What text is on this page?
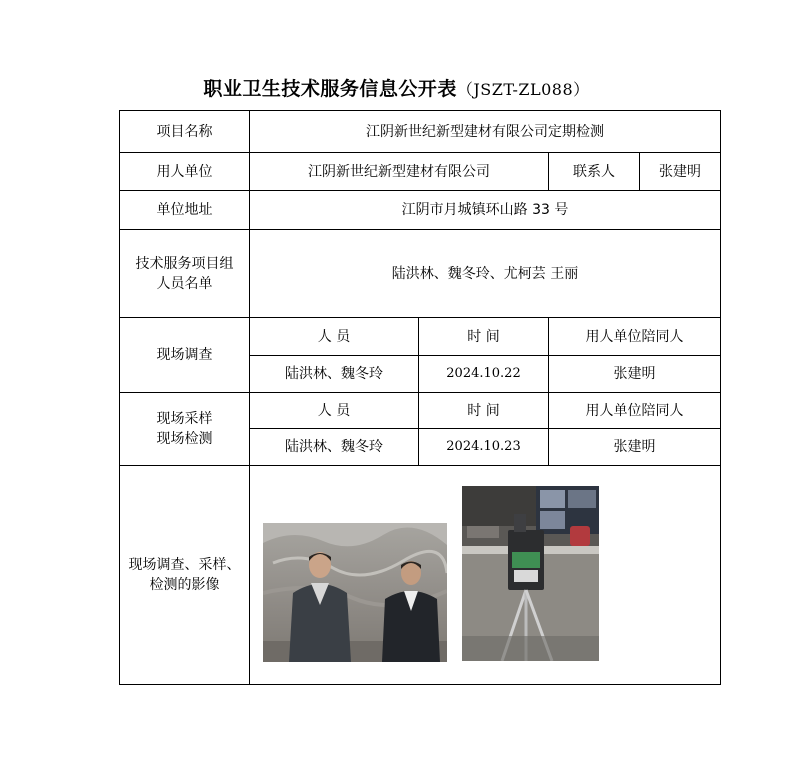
职业卫生技术服务信息公开表（JSZT-ZL088）
项目名称	江阴新世纪新型建材有限公司定期检测			
用人单位	江阴新世纪新型建材有限公司		联系人	张建明
单位地址	江阴市月城镇环山路 33 号			

技术服务项目组
人员名单	陆洪林、魏冬玲、尤柯芸 王丽			
现场调查	人 员	时 间	用人单位陪同人	
	陆洪林、魏冬玲	2024.10.22	张建明	

现场采样
现场检测	人 员	时 间	用人单位陪同人	
	陆洪林、魏冬玲	2024.10.23	张建明	

现场调查、采样、
检测的影像
